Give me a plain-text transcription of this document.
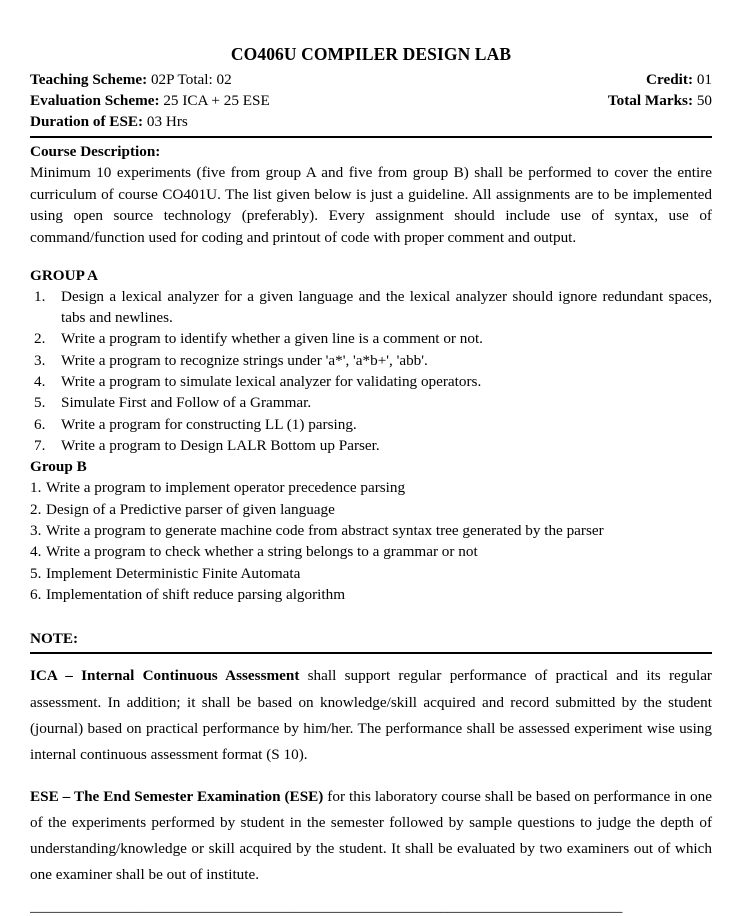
CO406U COMPILER DESIGN LAB
Teaching Scheme: 02P Total: 02	Credit: 01
Evaluation Scheme: 25 ICA + 25 ESE	Total Marks: 50
Duration of ESE: 03 Hrs
Course Description:

Minimum 10 experiments (five from group A and five from group B) shall be performed to cover the entire curriculum of course CO401U. The list given below is just a guideline. All assignments are to be implemented using open source technology (preferably). Every assignment should include use of syntax, use of command/function used for coding and printout of code with proper comment and output.

GROUP A
1.	Design a lexical analyzer for a given language and the lexical analyzer should ignore redundant spaces, tabs and newlines.
2.	Write a program to identify whether a given line is a comment or not.
3.	Write a program to recognize strings under 'a*', 'a*b+', 'abb'.
4.	Write a program to simulate lexical analyzer for validating operators.
5.	Simulate First and Follow of a Grammar.
6.	Write a program for constructing LL (1) parsing.
7.	Write a program to Design LALR Bottom up Parser.
Group B
1. Write a program to implement operator precedence parsing
2. Design of a Predictive parser of given language
3. Write a program to generate machine code from abstract syntax tree generated by the parser
4. Write a program to check whether a string belongs to a grammar or not
5. Implement Deterministic Finite Automata
6. Implementation of shift reduce parsing algorithm
NOTE:

ICA – Internal Continuous Assessment shall support regular performance of practical and its regular assessment. In addition; it shall be based on knowledge/skill acquired and record submitted by the student (journal) based on practical performance by him/her. The performance shall be assessed experiment wise using internal continuous assessment format (S 10).

ESE – The End Semester Examination (ESE) for this laboratory course shall be based on performance in one of the experiments performed by student in the semester followed by sample questions to judge the depth of understanding/knowledge or skill acquired by the student. It shall be evaluated by two examiners out of which one examiner shall be out of institute.

______________________________________________________________________________
